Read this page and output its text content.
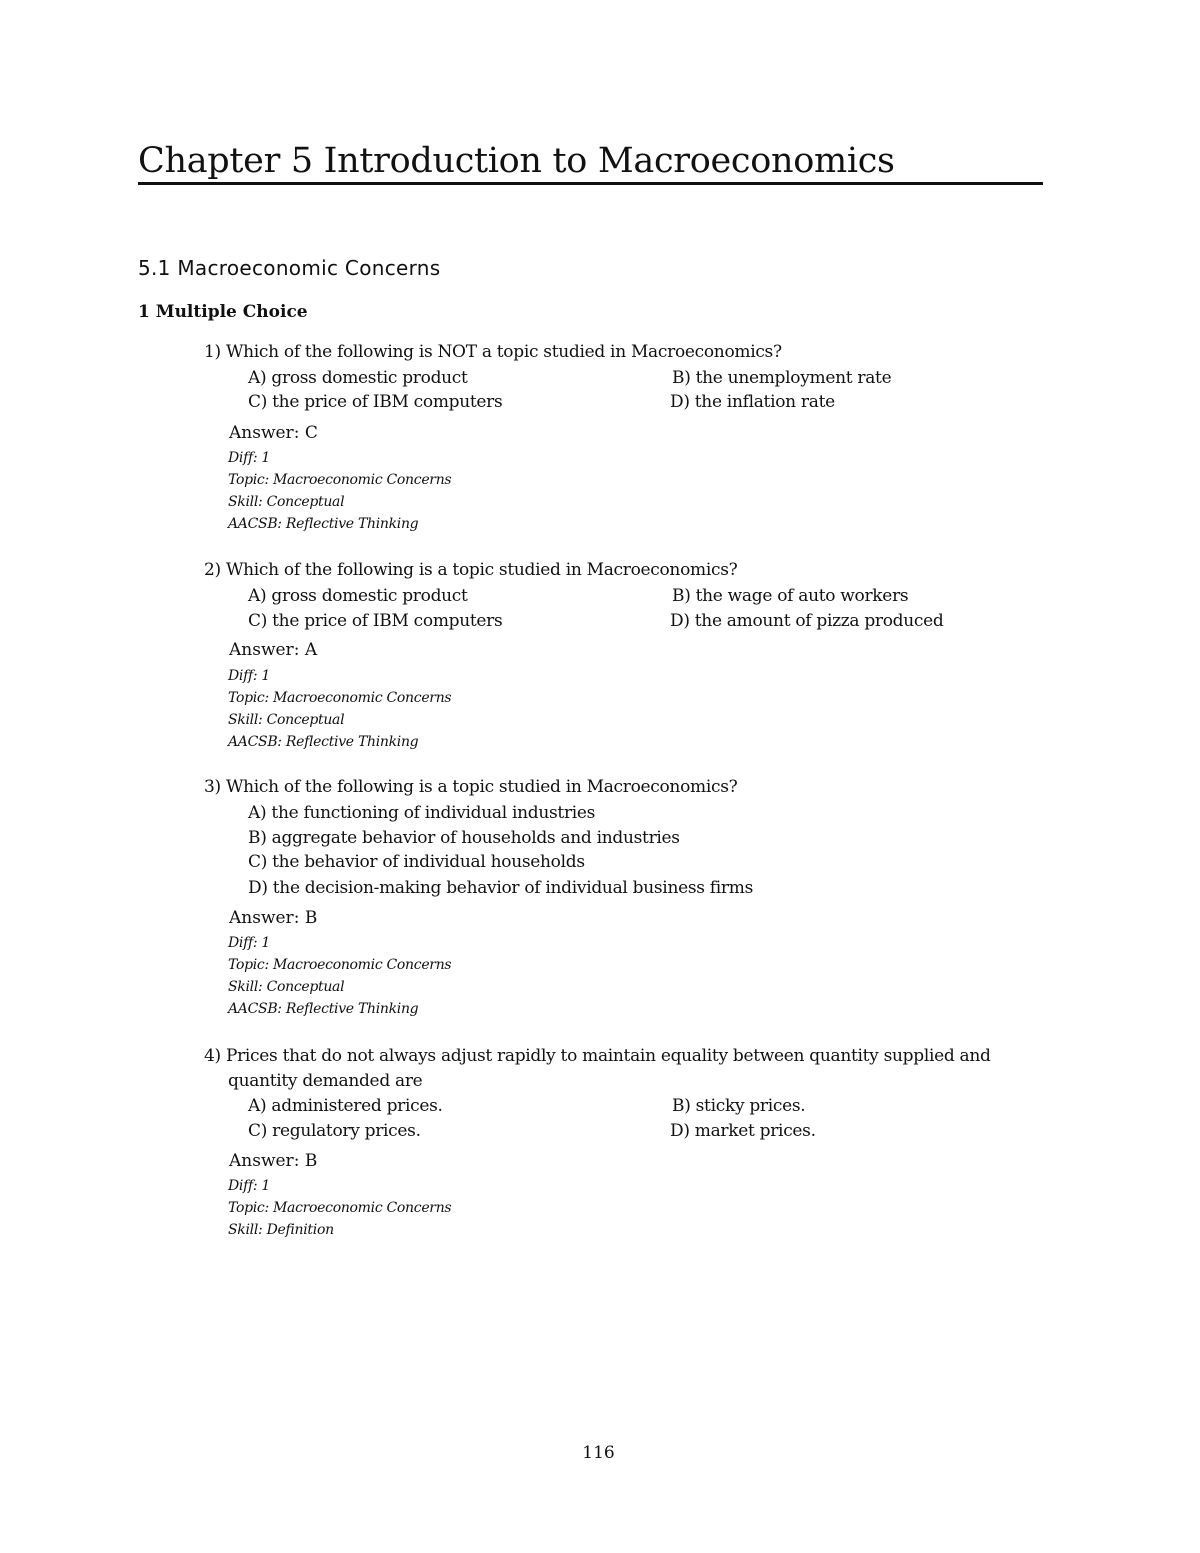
Chapter 5 Introduction to Macroeconomics
5.1 Macroeconomic Concerns
1 Multiple Choice
1) Which of the following is NOT a topic studied in Macroeconomics?
A) gross domestic product	B) the unemployment rate
C) the price of IBM computers	D) the inflation rate
Answer: C
Diff: 1
Topic: Macroeconomic Concerns
Skill: Conceptual
AACSB: Reflective Thinking
2) Which of the following is a topic studied in Macroeconomics?
A) gross domestic product	B) the wage of auto workers
C) the price of IBM computers	D) the amount of pizza produced
Answer: A
Diff: 1
Topic: Macroeconomic Concerns
Skill: Conceptual
AACSB: Reflective Thinking
3) Which of the following is a topic studied in Macroeconomics?
A) the functioning of individual industries
B) aggregate behavior of households and industries
C) the behavior of individual households
D) the decision-making behavior of individual business firms
Answer: B
Diff: 1
Topic: Macroeconomic Concerns
Skill: Conceptual
AACSB: Reflective Thinking
4) Prices that do not always adjust rapidly to maintain equality between quantity supplied and quantity demanded are
A) administered prices.	B) sticky prices.
C) regulatory prices.	D) market prices.
Answer: B
Diff: 1
Topic: Macroeconomic Concerns
Skill: Definition
116
